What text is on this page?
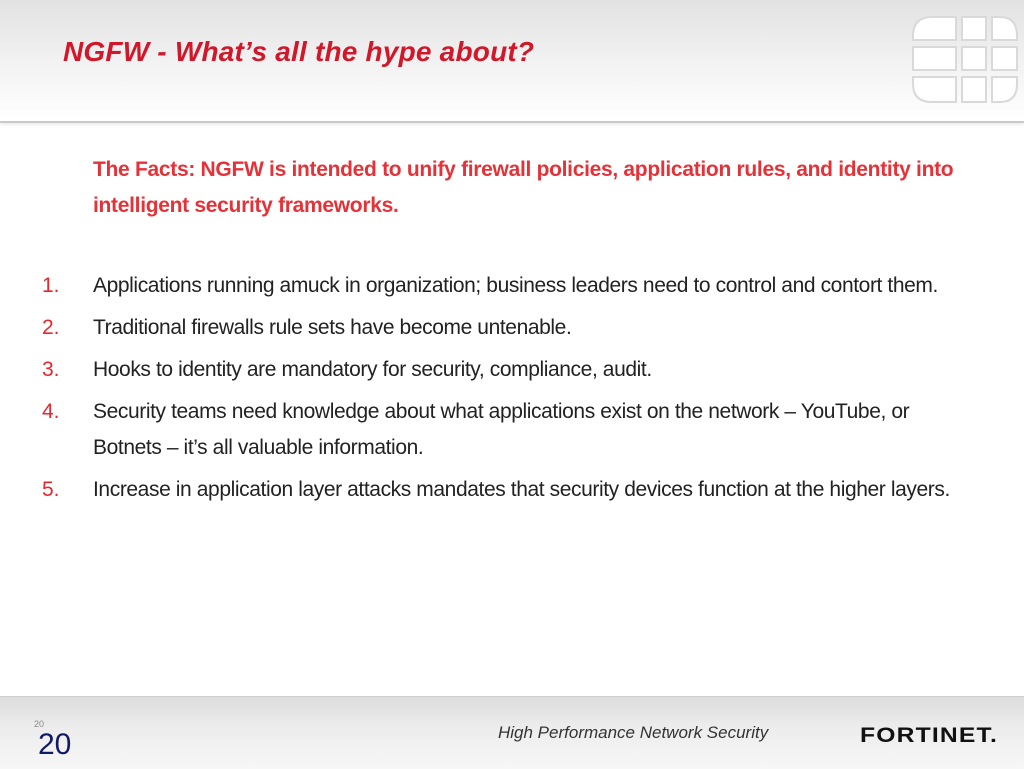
NGFW - What’s all the hype about?

The Facts: NGFW is intended to unify firewall policies, application rules, and identity into intelligent security frameworks.

1. Applications running amuck in organization; business leaders need to control and contort them.
2. Traditional firewalls rule sets have become untenable.
3. Hooks to identity are mandatory for security, compliance, audit.
4. Security teams need knowledge about what applications exist on the network – YouTube, or Botnets – it’s all valuable information.
5. Increase in application layer attacks mandates that security devices function at the higher layers.
20
20	High Performance Network Security	FORTINET.
